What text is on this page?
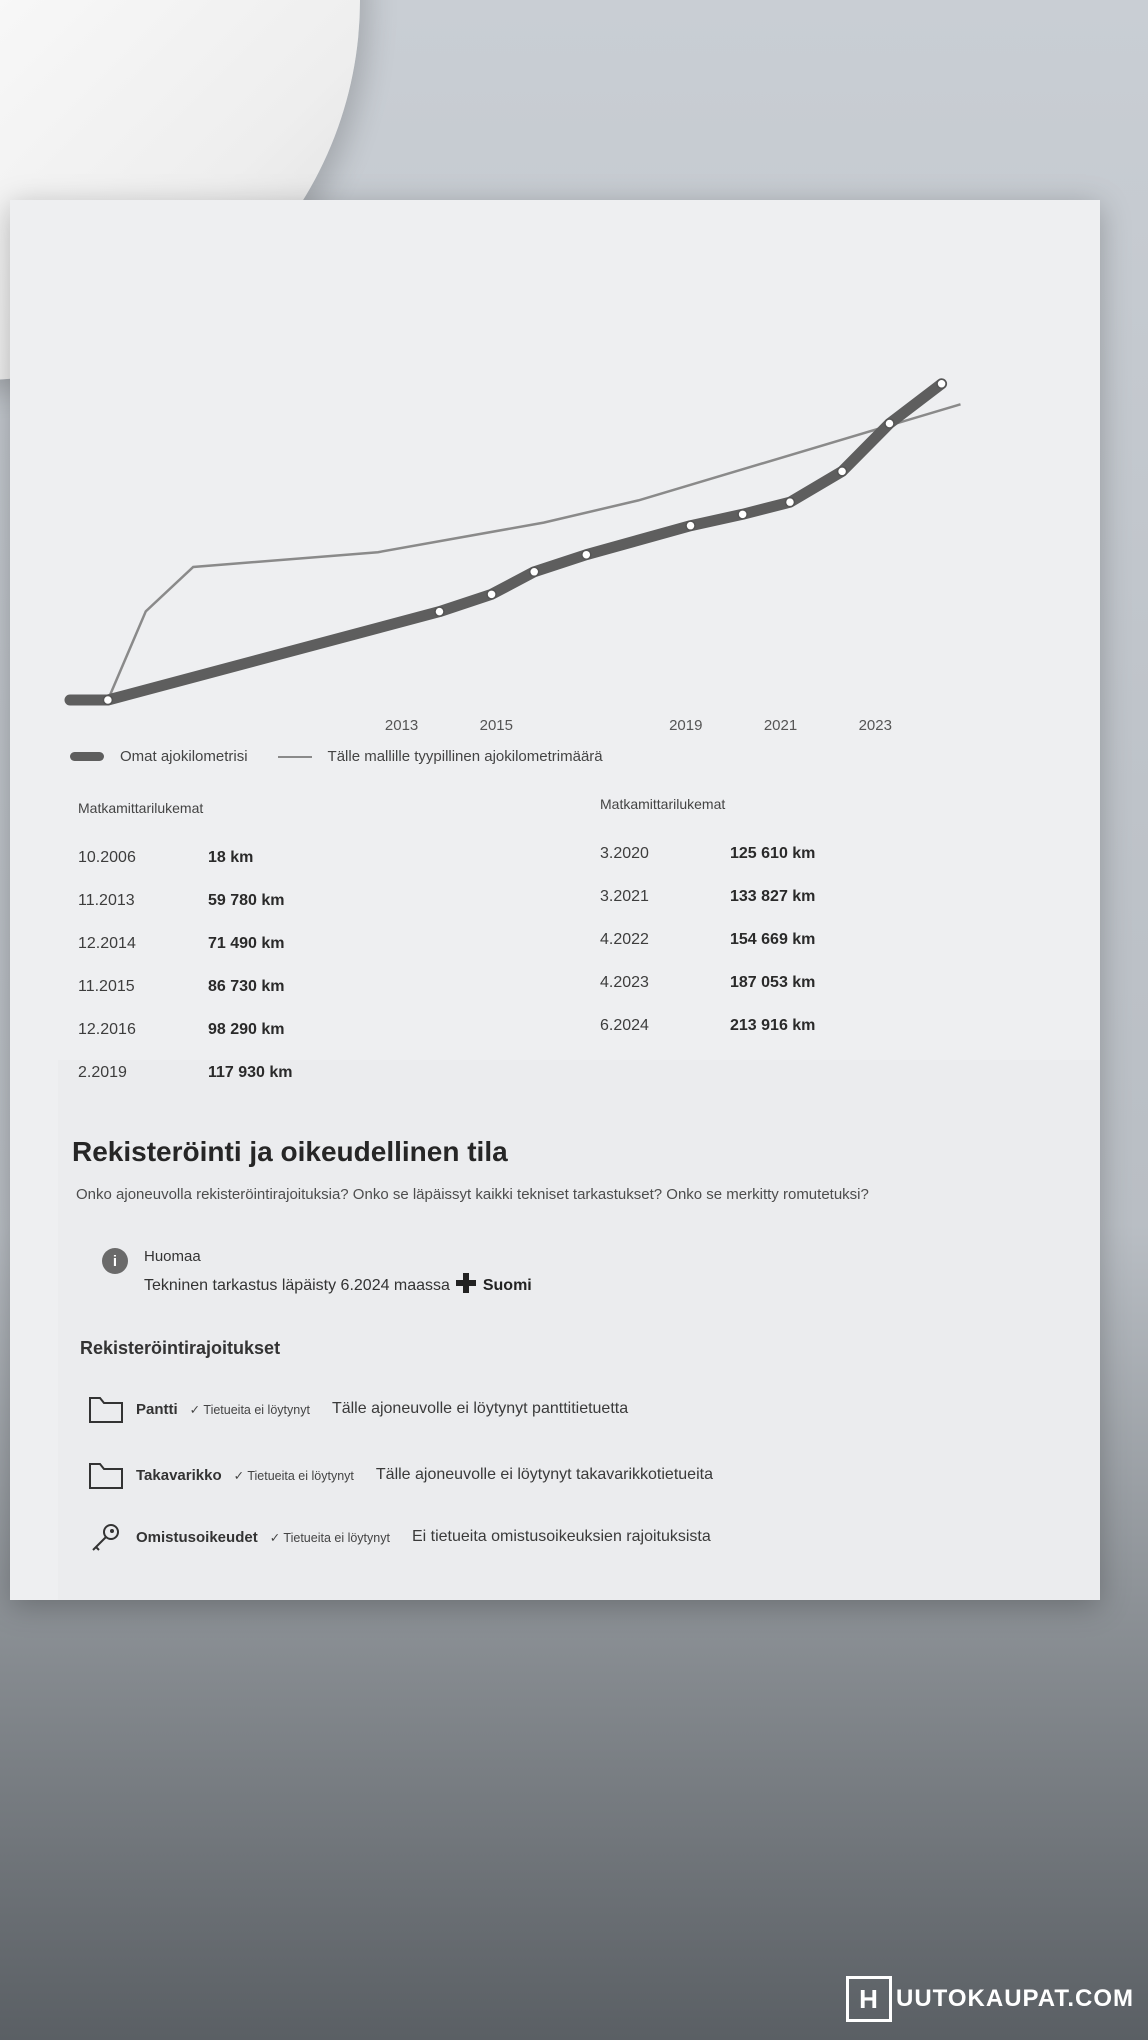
2013	2015	2019	2021	2023
Omat ajokilometrisi	Tälle mallille tyypillinen ajokilometrimäärä
Matkamittarilukemat
10.2006	18 km
11.2013	59 780 km
12.2014	71 490 km
11.2015	86 730 km
12.2016	98 290 km
2.2019	117 930 km
Matkamittarilukemat
3.2020	125 610 km
3.2021	133 827 km
4.2022	154 669 km
4.2023	187 053 km
6.2024	213 916 km
Rekisteröinti ja oikeudellinen tila
Onko ajoneuvolla rekisteröintirajoituksia? Onko se läpäissyt kaikki tekniset tarkastukset? Onko se merkitty romutetuksi?
i	Huomaa
Tekninen tarkastus läpäisty 6.2024 maassa Suomi
Rekisteröintirajoitukset
Pantti ✓ Tietueita ei löytynyt Tälle ajoneuvolle ei löytynyt panttitietuetta
Takavarikko ✓ Tietueita ei löytynyt Tälle ajoneuvolle ei löytynyt takavarikkotietueita
Omistusoikeudet ✓ Tietueita ei löytynyt Ei tietueita omistusoikeuksien rajoituksista
H UUTOKAUPAT.COM
